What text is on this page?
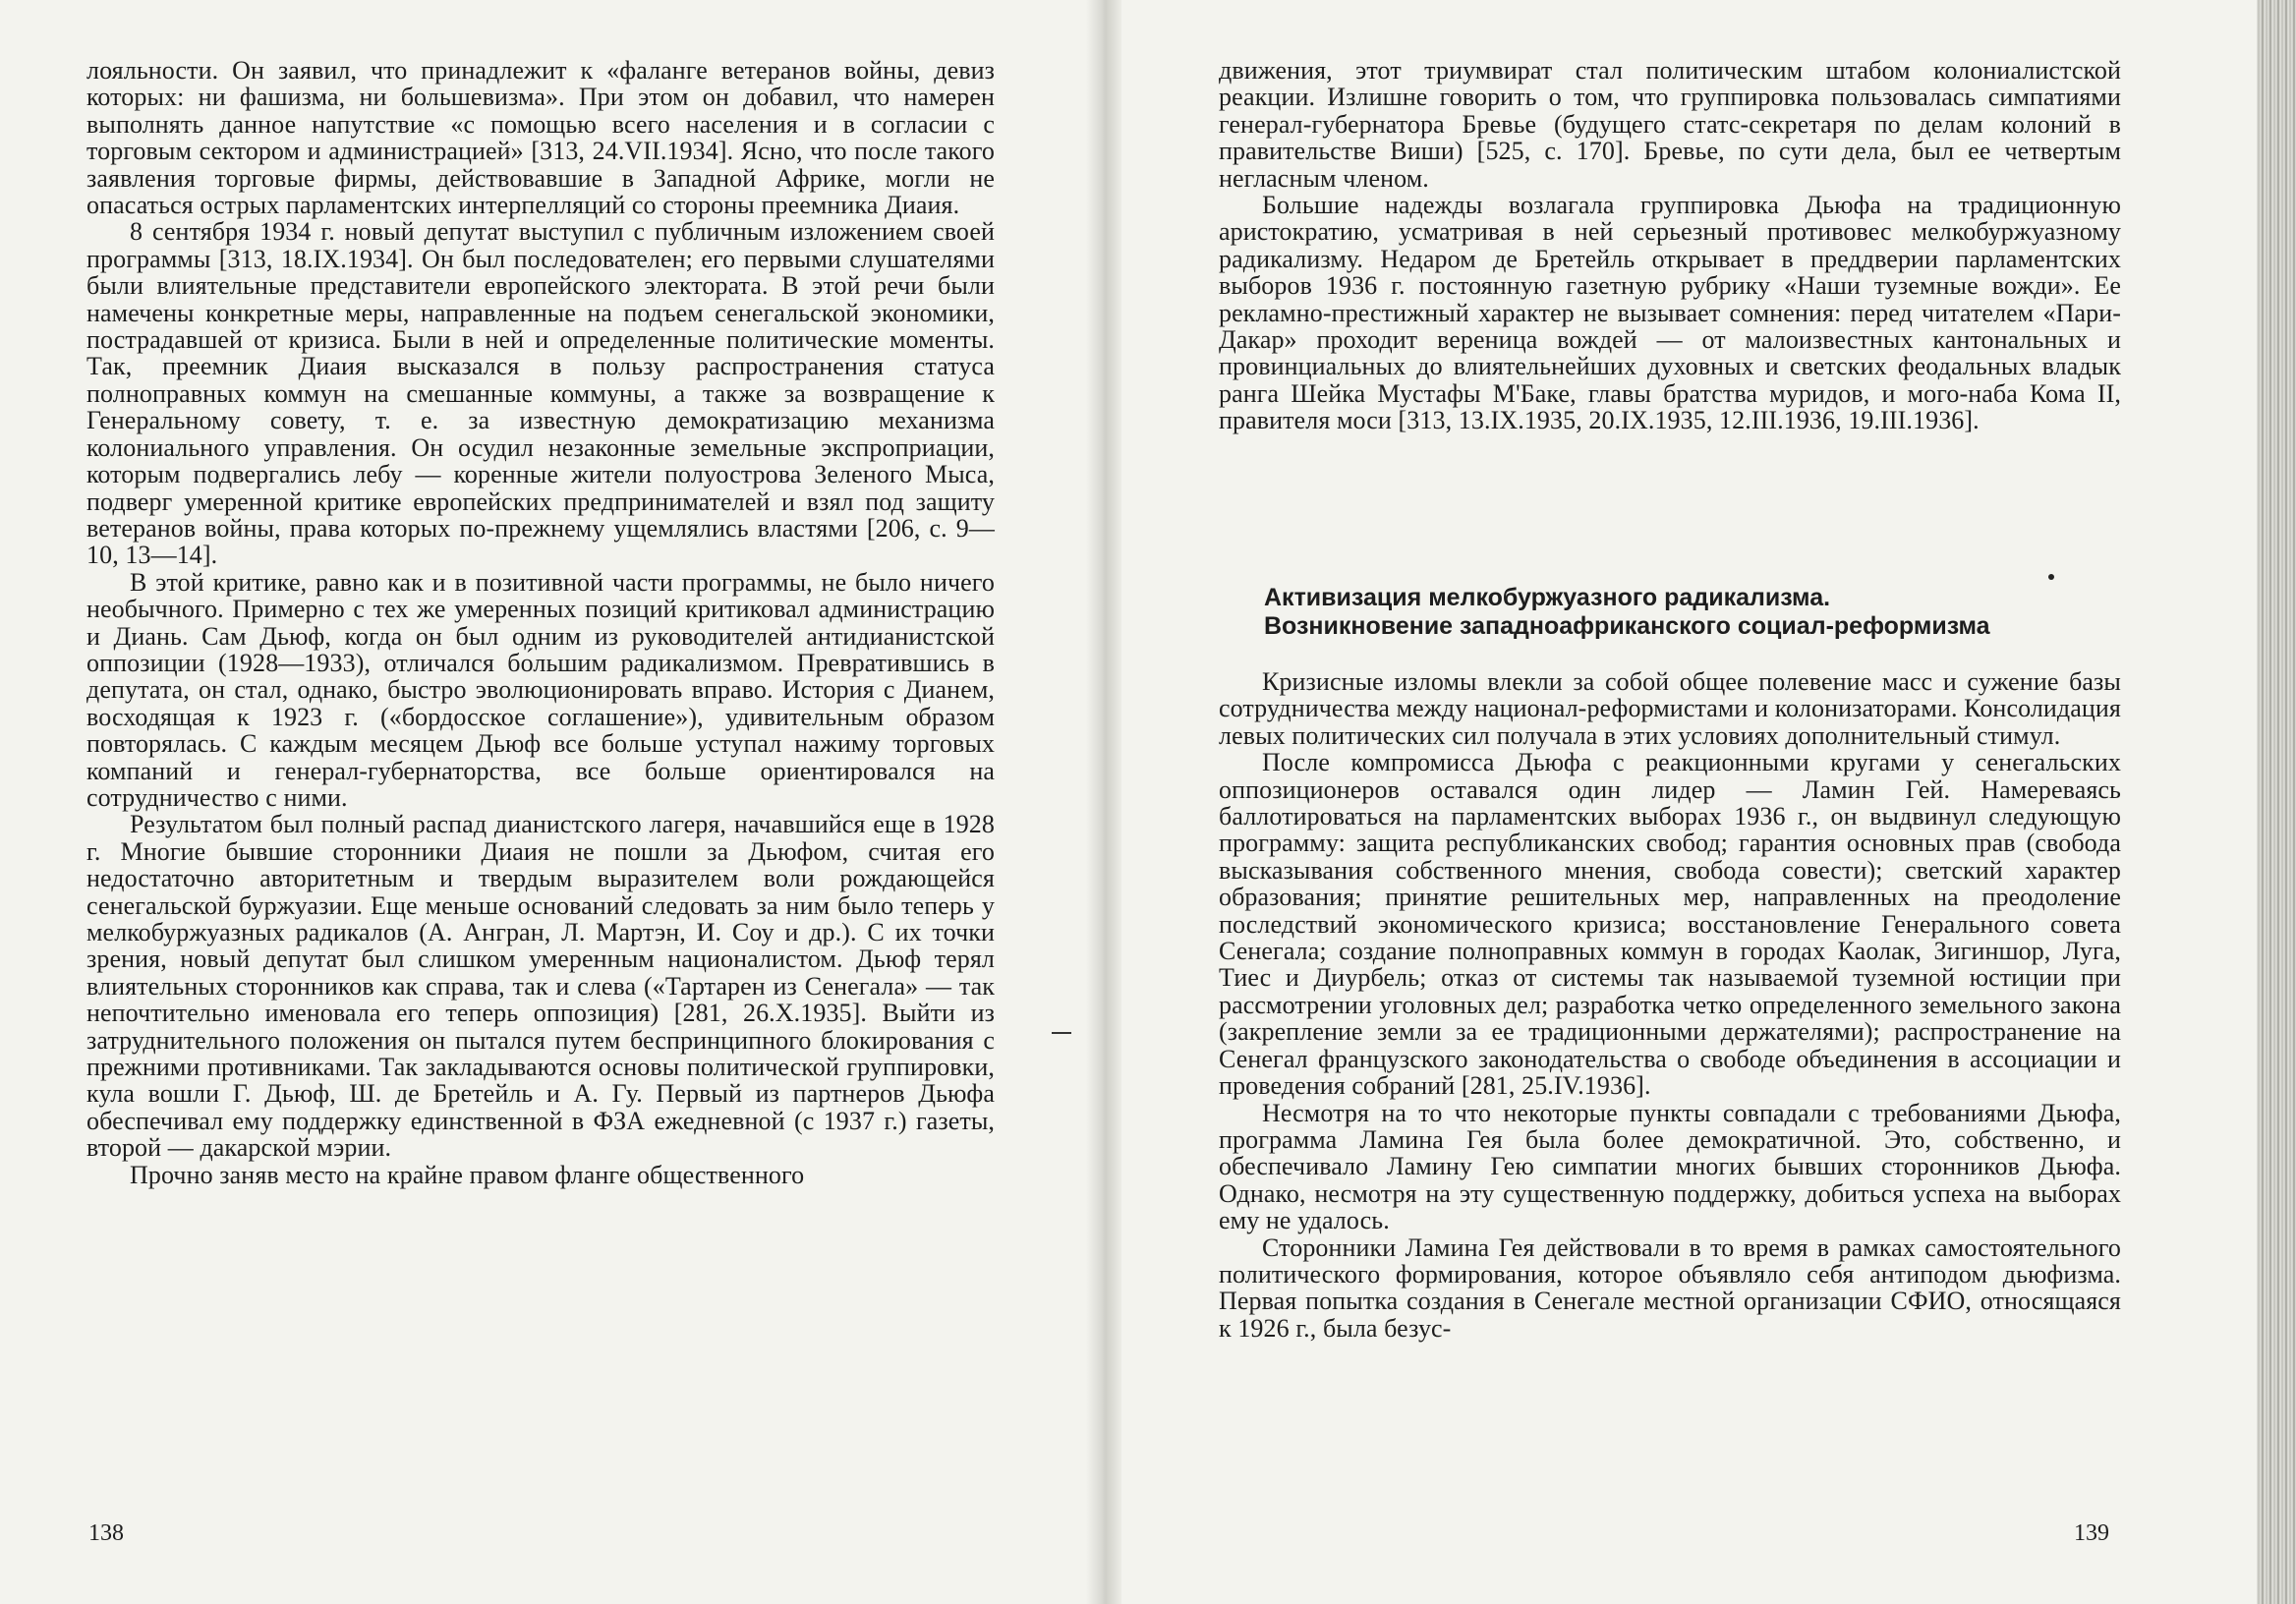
лояльности. Он заявил, что принадлежит к «фаланге ветеранов войны, девиз которых: ни фашизма, ни большевизма». При этом он добавил, что намерен выполнять данное напутствие «с помощью всего населения и в согласии с торговым сектором и администрацией» [313, 24.VII.1934]. Ясно, что после такого заявления торговые фирмы, действовавшие в Западной Африке, могли не опасаться острых парламентских интерпелляций со стороны преемника Диаия.

8 сентября 1934 г. новый депутат выступил с публичным изложением своей программы [313, 18.IX.1934]. Он был последователен; его первыми слушателями были влиятельные представители европейского электората. В этой речи были намечены конкретные меры, направленные на подъем сенегальской экономики, пострадавшей от кризиса. Были в ней и определенные политические моменты. Так, преемник Диаия высказался в пользу распространения статуса полноправных коммун на смешанные коммуны, а также за возвращение к Генеральному совету, т. е. за известную демократизацию механизма колониального управления. Он осудил незаконные земельные экспроприации, которым подвергались лебу — коренные жители полуострова Зеленого Мыса, подверг умеренной критике европейских предпринимателей и взял под защиту ветеранов войны, права которых по-прежнему ущемлялись властями [206, с. 9—10, 13—14].

В этой критике, равно как и в позитивной части программы, не было ничего необычного. Примерно с тех же умеренных позиций критиковал администрацию и Диань. Сам Дьюф, когда он был одним из руководителей антидианистской оппозиции (1928—1933), отличался бо́льшим радикализмом. Превратившись в депутата, он стал, однако, быстро эволюционировать вправо. История с Дианем, восходящая к 1923 г. («бордосское соглашение»), удивительным образом повторялась. С каждым месяцем Дьюф все больше уступал нажиму торговых компаний и генерал-губернаторства, все больше ориентировался на сотрудничество с ними.

Результатом был полный распад дианистского лагеря, начавшийся еще в 1928 г. Многие бывшие сторонники Диаия не пошли за Дьюфом, считая его недостаточно авторитетным и твердым выразителем воли рождающейся сенегальской буржуазии. Еще меньше оснований следовать за ним было теперь у мелкобуржуазных радикалов (А. Ангран, Л. Мартэн, И. Соу и др.). С их точки зрения, новый депутат был слишком умеренным националистом. Дьюф терял влиятельных сторонников как справа, так и слева («Тартарен из Сенегала» — так непочтительно именовала его теперь оппозиция) [281, 26.X.1935]. Выйти из затруднительного положения он пытался путем беспринципного блокирования с прежними противниками. Так закладываются основы политической группировки, кула вошли Г. Дьюф, Ш. де Бретейль и А. Гу. Первый из партнеров Дьюфа обеспечивал ему поддержку единственной в ФЗА ежедневной (с 1937 г.) газеты, второй — дакарской мэрии.

Прочно заняв место на крайне правом фланге общественного

138

движения, этот триумвират стал политическим штабом колониалистской реакции. Излишне говорить о том, что группировка пользовалась симпатиями генерал-губернатора Бревье (будущего статс-секретаря по делам колоний в правительстве Виши) [525, с. 170]. Бревье, по сути дела, был ее четвертым негласным членом.

Большие надежды возлагала группировка Дьюфа на традиционную аристократию, усматривая в ней серьезный противовес мелкобуржуазному радикализму. Недаром де Бретейль открывает в преддверии парламентских выборов 1936 г. постоянную газетную рубрику «Наши туземные вожди». Ее рекламно-престижный характер не вызывает сомнения: перед читателем «Пари-Дакар» проходит вереница вождей — от малоизвестных кантональных и провинциальных до влиятельнейших духовных и светских феодальных владык ранга Шейка Мустафы М'Баке, главы братства муридов, и мого-наба Кома II, правителя моси [313, 13.IX.1935, 20.IX.1935, 12.III.1936, 19.III.1936].

Активизация мелкобуржуазного радикализма.
Возникновение западноафриканского социал-реформизма

Кризисные изломы влекли за собой общее полевение масс и сужение базы сотрудничества между национал-реформистами и колонизаторами. Консолидация левых политических сил получала в этих условиях дополнительный стимул.

После компромисса Дьюфа с реакционными кругами у сенегальских оппозиционеров оставался один лидер — Ламин Гей. Намереваясь баллотироваться на парламентских выборах 1936 г., он выдвинул следующую программу: защита республиканских свобод; гарантия основных прав (свобода высказывания собственного мнения, свобода совести); светский характер образования; принятие решительных мер, направленных на преодоление последствий экономического кризиса; восстановление Генерального совета Сенегала; создание полноправных коммун в городах Каолак, Зигиншор, Луга, Тиес и Диурбель; отказ от системы так называемой туземной юстиции при рассмотрении уголовных дел; разработка четко определенного земельного закона (закрепление земли за ее традиционными держателями); распространение на Сенегал французского законодательства о свободе объединения в ассоциации и проведения собраний [281, 25.IV.1936].

Несмотря на то что некоторые пункты совпадали с требованиями Дьюфа, программа Ламина Гея была более демократичной. Это, собственно, и обеспечивало Ламину Гею симпатии многих бывших сторонников Дьюфа. Однако, несмотря на эту существенную поддержку, добиться успеха на выборах ему не удалось.

Сторонники Ламина Гея действовали в то время в рамках самостоятельного политического формирования, которое объявляло себя антиподом дьюфизма. Первая попытка создания в Сенегале местной организации СФИО, относящаяся к 1926 г., была безус-

139
